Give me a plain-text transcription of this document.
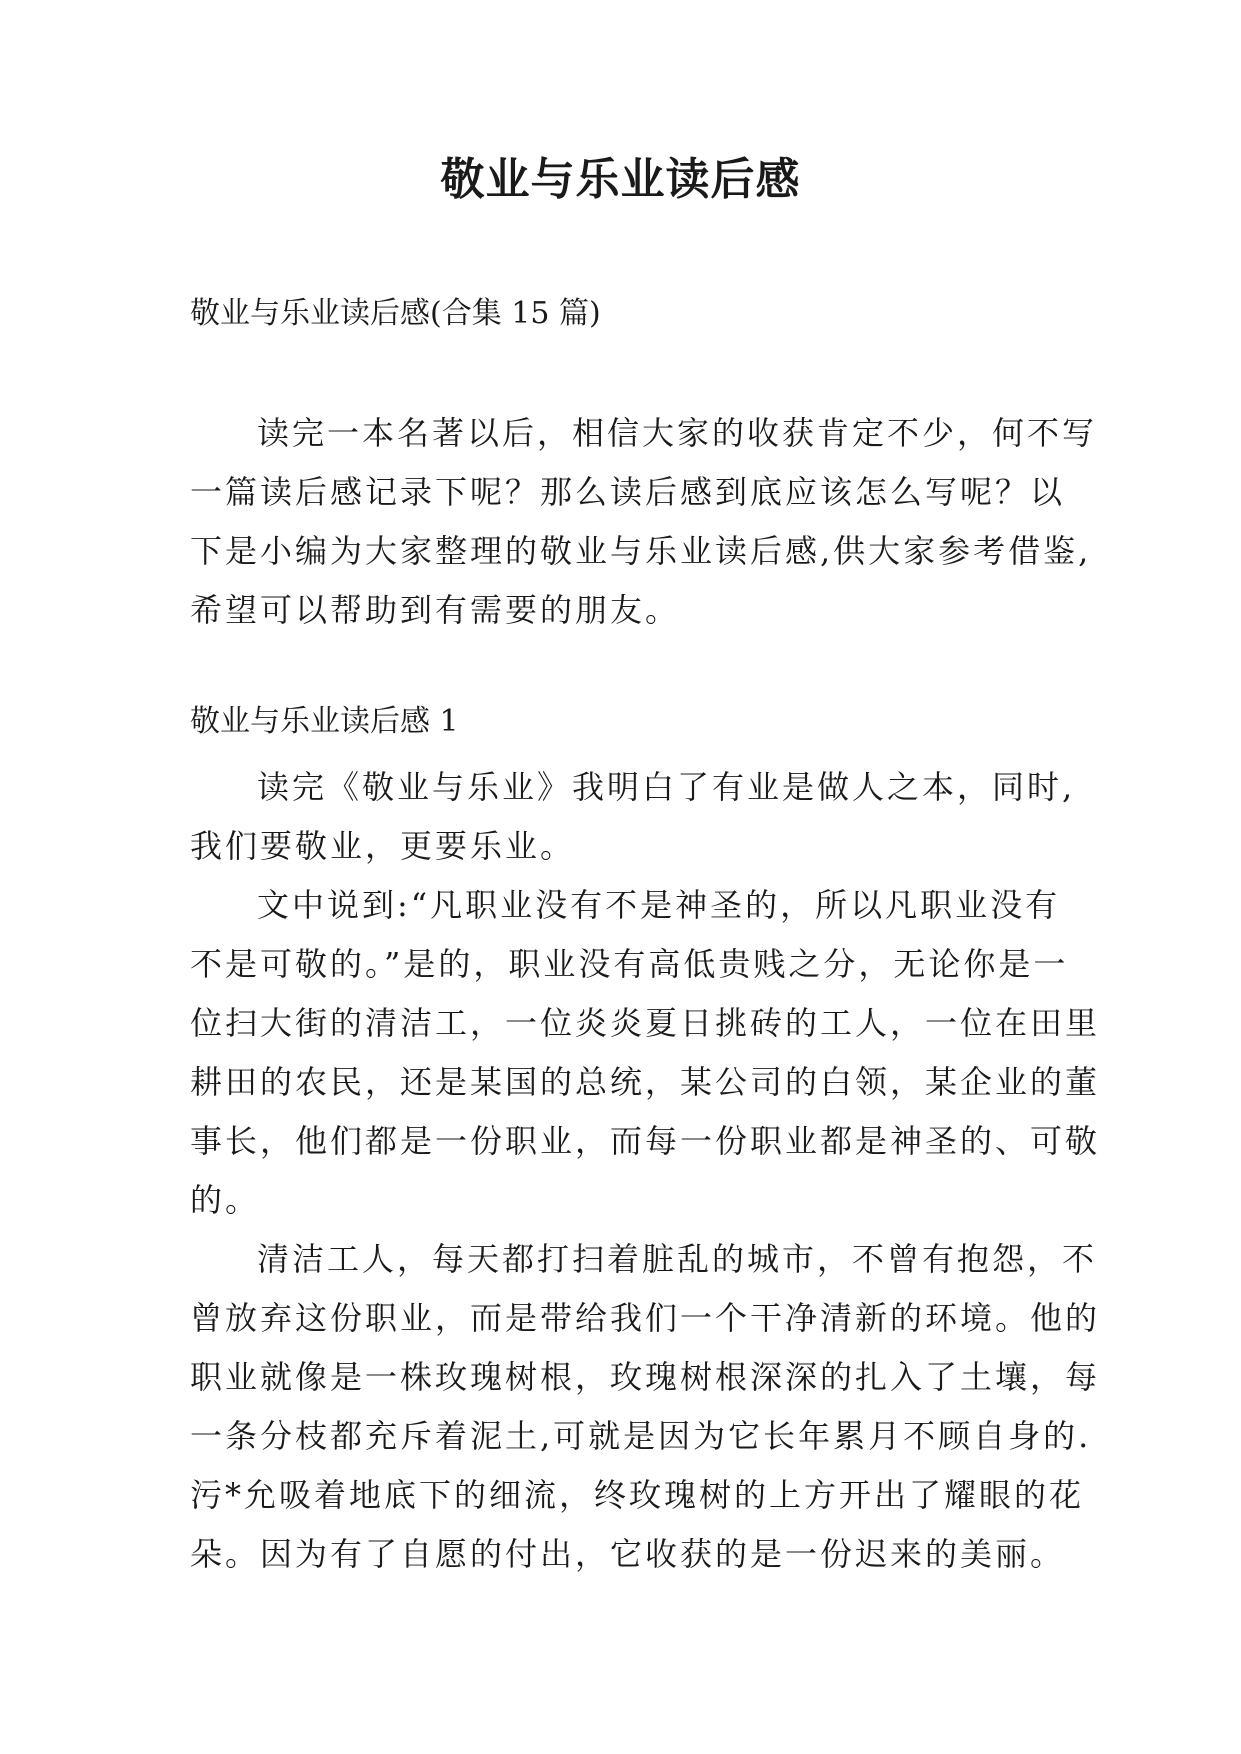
敬业与乐业读后感
敬业与乐业读后感(合集 15 篇)
读完一本名著以后，相信大家的收获肯定不少，何不写
一篇读后感记录下呢？那么读后感到底应该怎么写呢？以
下是小编为大家整理的敬业与乐业读后感,供大家参考借鉴,
希望可以帮助到有需要的朋友。
敬业与乐业读后感 1
读完《敬业与乐业》我明白了有业是做人之本，同时,
我们要敬业，更要乐业。
文中说到:“凡职业没有不是神圣的，所以凡职业没有
不是可敬的。”是的，职业没有高低贵贱之分，无论你是一
位扫大街的清洁工，一位炎炎夏日挑砖的工人，一位在田里
耕田的农民，还是某国的总统，某公司的白领，某企业的董
事长，他们都是一份职业，而每一份职业都是神圣的、可敬
的。
清洁工人，每天都打扫着脏乱的城市，不曾有抱怨，不
曾放弃这份职业，而是带给我们一个干净清新的环境。他的
职业就像是一株玫瑰树根，玫瑰树根深深的扎入了土壤，每
一条分枝都充斥着泥土,可就是因为它长年累月不顾自身的.
污*允吸着地底下的细流，终玫瑰树的上方开出了耀眼的花
朵。因为有了自愿的付出，它收获的是一份迟来的美丽。
